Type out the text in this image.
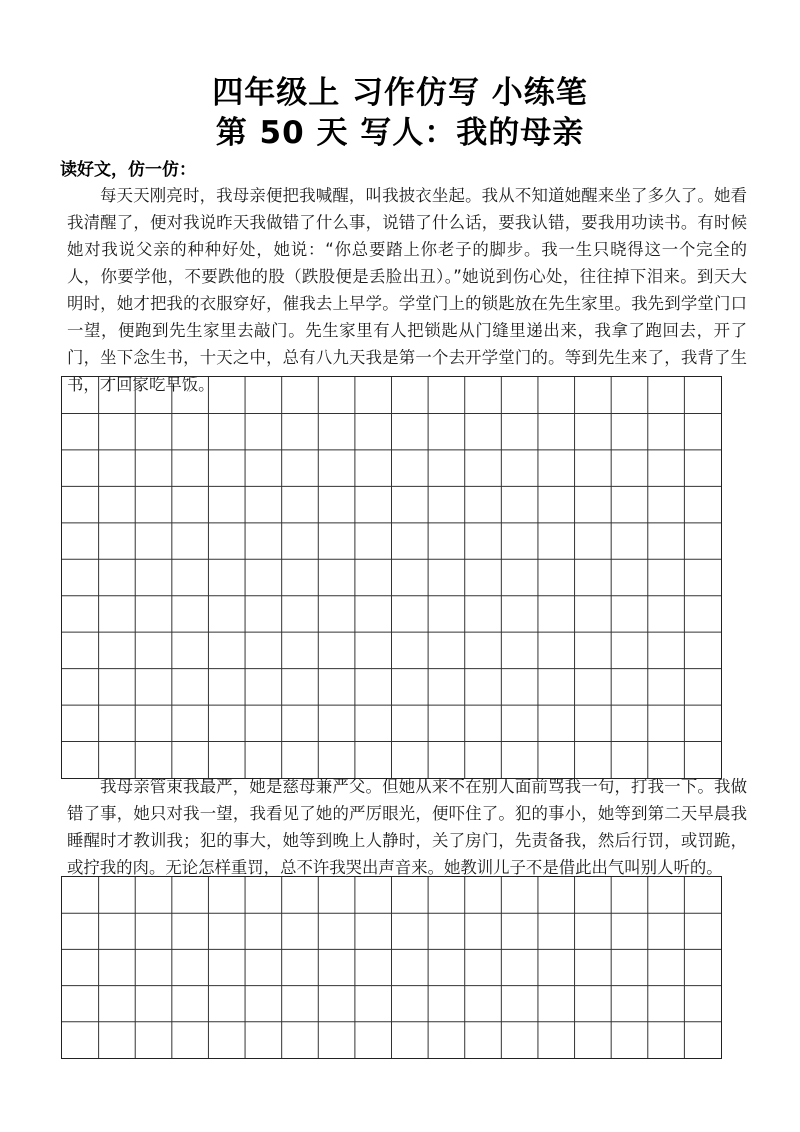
四年级上 习作仿写 小练笔
第 50 天 写人：我的母亲
读好文，仿一仿：

每天天刚亮时，我母亲便把我喊醒，叫我披衣坐起。我从不知道她醒来坐了多久了。她看我清醒了，便对我说昨天我做错了什么事，说错了什么话，要我认错，要我用功读书。有时候她对我说父亲的种种好处，她说：“你总要踏上你老子的脚步。我一生只晓得这一个完全的人，你要学他，不要跌他的股（跌股便是丢脸出丑）。”她说到伤心处，往往掉下泪来。到天大明时，她才把我的衣服穿好，催我去上早学。学堂门上的锁匙放在先生家里。我先到学堂门口一望，便跑到先生家里去敲门。先生家里有人把锁匙从门缝里递出来，我拿了跑回去，开了门，坐下念生书，十天之中，总有八九天我是第一个去开学堂门的。等到先生来了，我背了生书，才回家吃早饭。

我母亲管束我最严，她是慈母兼严父。但她从来不在别人面前骂我一句，打我一下。我做错了事，她只对我一望，我看见了她的严厉眼光，便吓住了。犯的事小，她等到第二天早晨我睡醒时才教训我；犯的事大，她等到晚上人静时，关了房门，先责备我，然后行罚，或罚跪，或拧我的肉。无论怎样重罚，总不许我哭出声音来。她教训儿子不是借此出气叫别人听的。
